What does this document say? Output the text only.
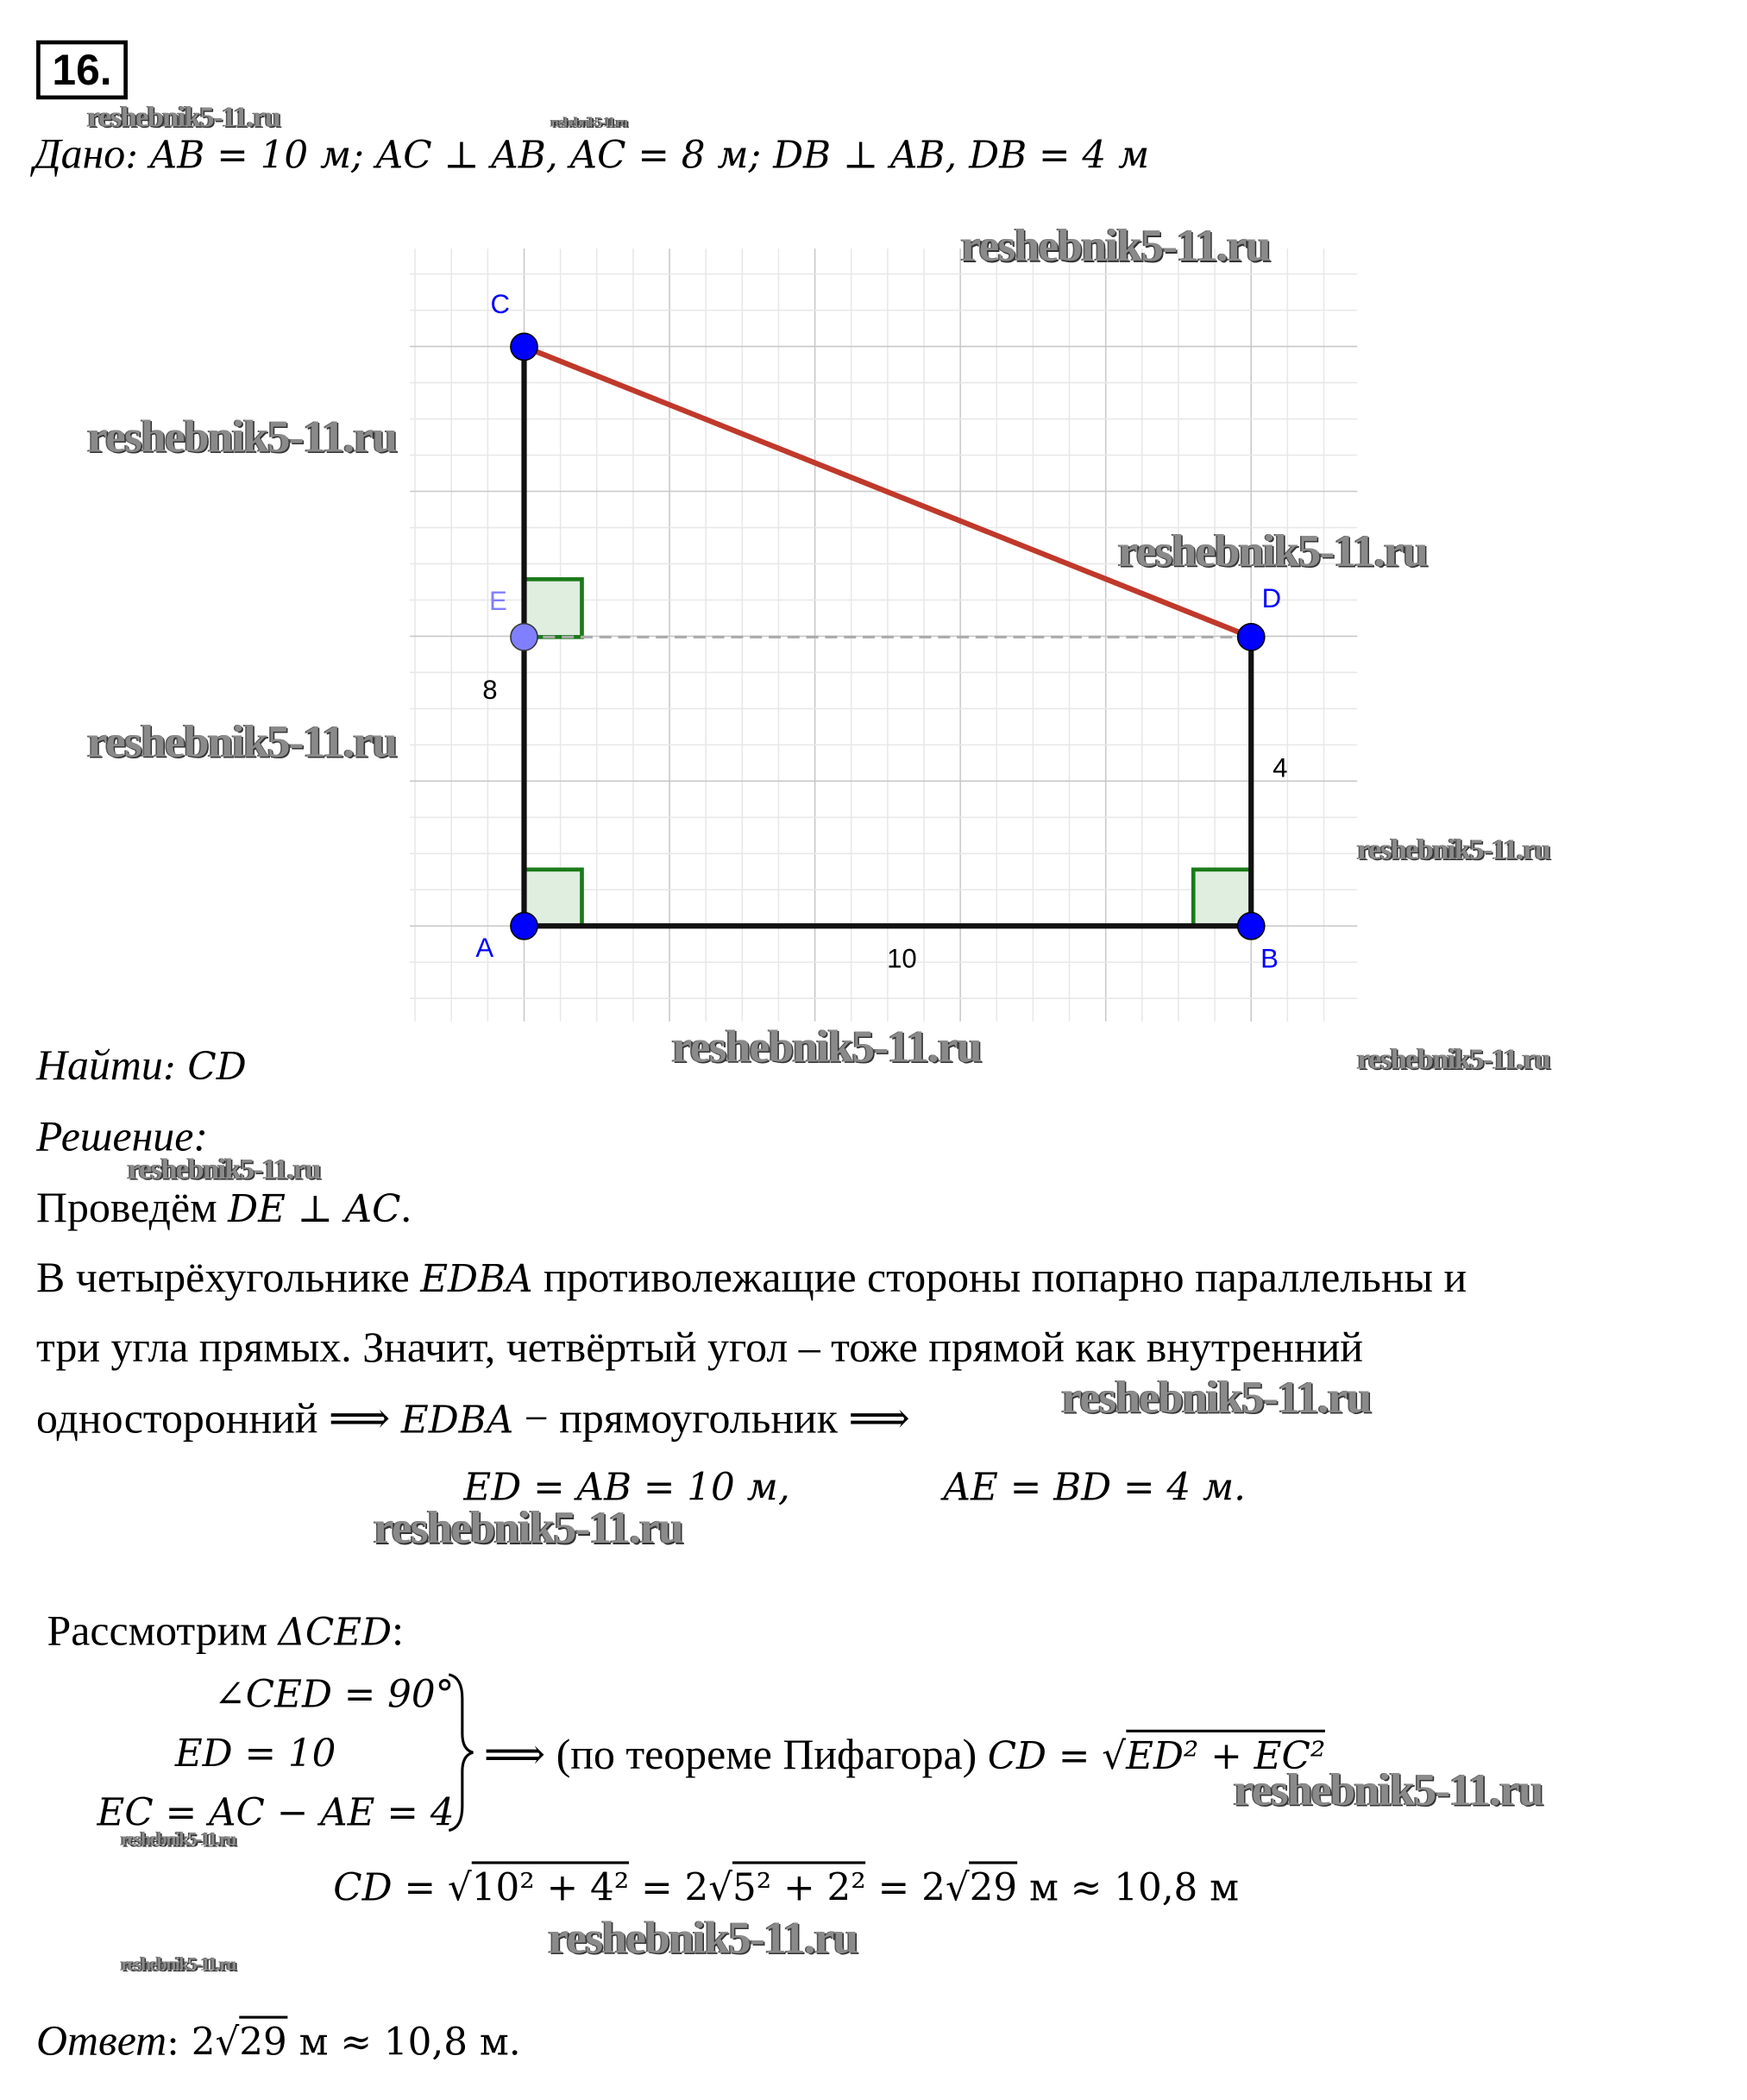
16.
Дано: AB = 10 м; AC ⊥ AB, AC = 8 м; DB ⊥ AB, DB = 4 м
C
E	D
A	B
8
4
10
Найти: CD
Решение:
Проведём DE ⊥ AC.
В четырёхугольнике EDBA противолежащие стороны попарно параллельны и
три угла прямых. Значит, четвёртый угол – тоже прямой как внутренний
односторонний ⟹ EDBA − прямоугольник ⟹
ED = AB = 10 м,	AE = BD = 4 м.
Рассмотрим ΔCED:
∠CED = 90°
ED = 10
EC = AC − AE = 4
⟹ (по теореме Пифагора) CD = √ED² + EC²
CD = √10² + 4² = 2√5² + 2² = 2√29 м ≈ 10,8 м
Ответ: 2√29 м ≈ 10,8 м.
reshebnik5-11.ru	reshebnik5-11.ru
reshebnik5-11.ru
reshebnik5-11.ru
reshebnik5-11.ru
reshebnik5-11.ru
reshebnik5-11.ru
reshebnik5-11.ru	reshebnik5-11.ru
reshebnik5-11.ru
reshebnik5-11.ru
reshebnik5-11.ru
reshebnik5-11.ru
reshebnik5-11.ru
reshebnik5-11.ru
reshebnik5-11.ru
